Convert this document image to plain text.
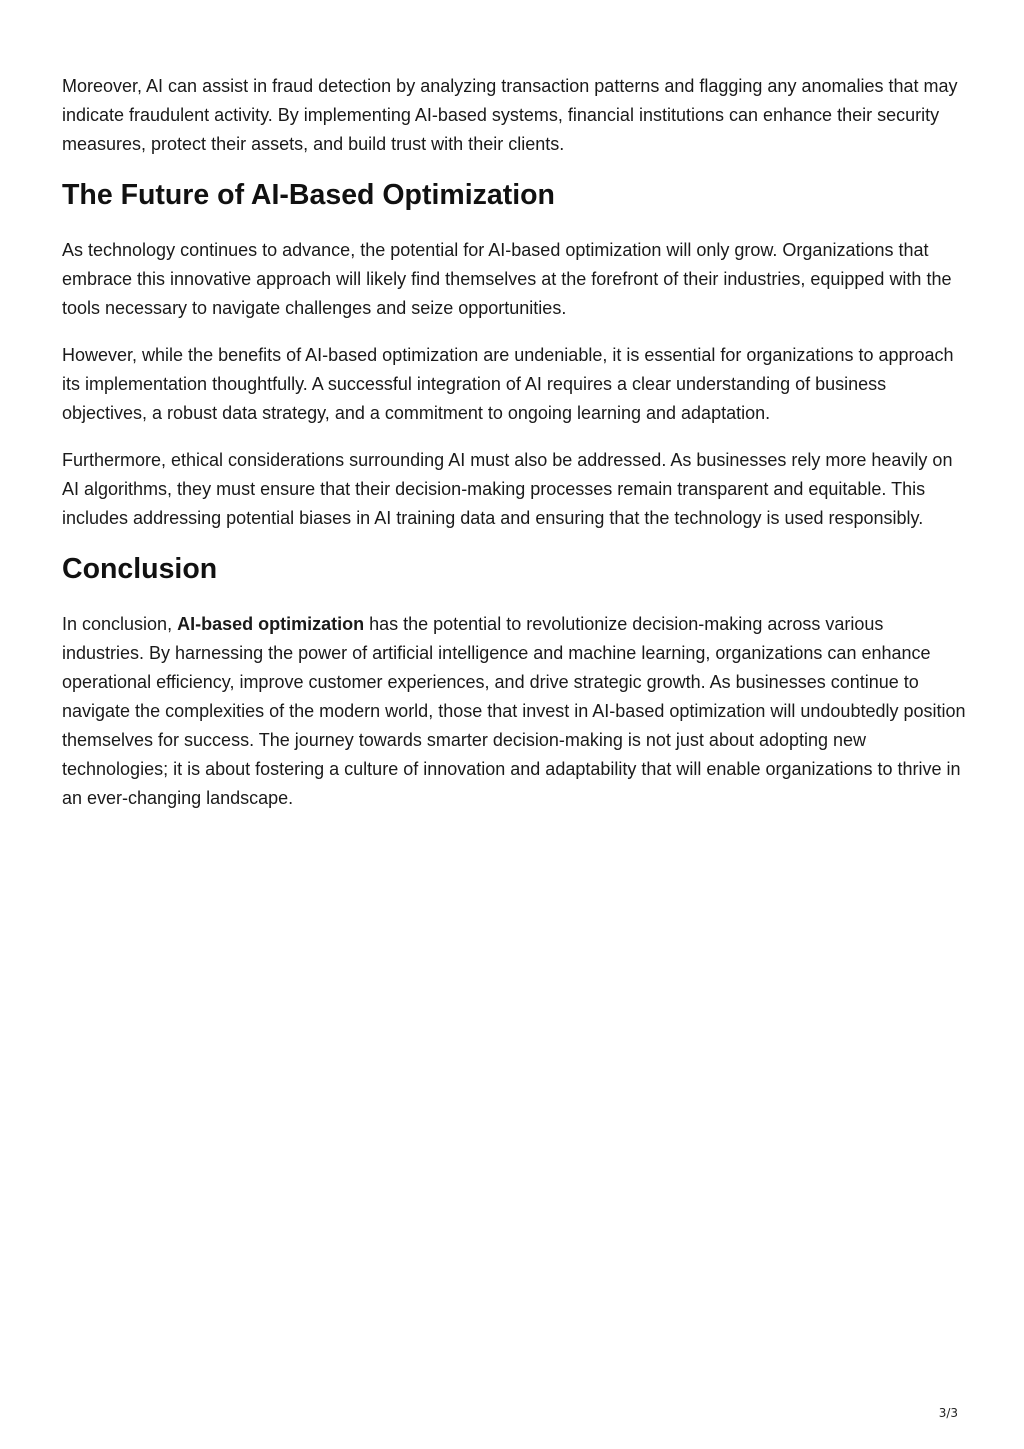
Moreover, AI can assist in fraud detection by analyzing transaction patterns and flagging any anomalies that may indicate fraudulent activity. By implementing AI-based systems, financial institutions can enhance their security measures, protect their assets, and build trust with their clients.

The Future of AI-Based Optimization

As technology continues to advance, the potential for AI-based optimization will only grow. Organizations that embrace this innovative approach will likely find themselves at the forefront of their industries, equipped with the tools necessary to navigate challenges and seize opportunities.

However, while the benefits of AI-based optimization are undeniable, it is essential for organizations to approach its implementation thoughtfully. A successful integration of AI requires a clear understanding of business objectives, a robust data strategy, and a commitment to ongoing learning and adaptation.

Furthermore, ethical considerations surrounding AI must also be addressed. As businesses rely more heavily on AI algorithms, they must ensure that their decision-making processes remain transparent and equitable. This includes addressing potential biases in AI training data and ensuring that the technology is used responsibly.

Conclusion

In conclusion, AI-based optimization has the potential to revolutionize decision-making across various industries. By harnessing the power of artificial intelligence and machine learning, organizations can enhance operational efficiency, improve customer experiences, and drive strategic growth. As businesses continue to navigate the complexities of the modern world, those that invest in AI-based optimization will undoubtedly position themselves for success. The journey towards smarter decision-making is not just about adopting new technologies; it is about fostering a culture of innovation and adaptability that will enable organizations to thrive in an ever-changing landscape.

3/3
